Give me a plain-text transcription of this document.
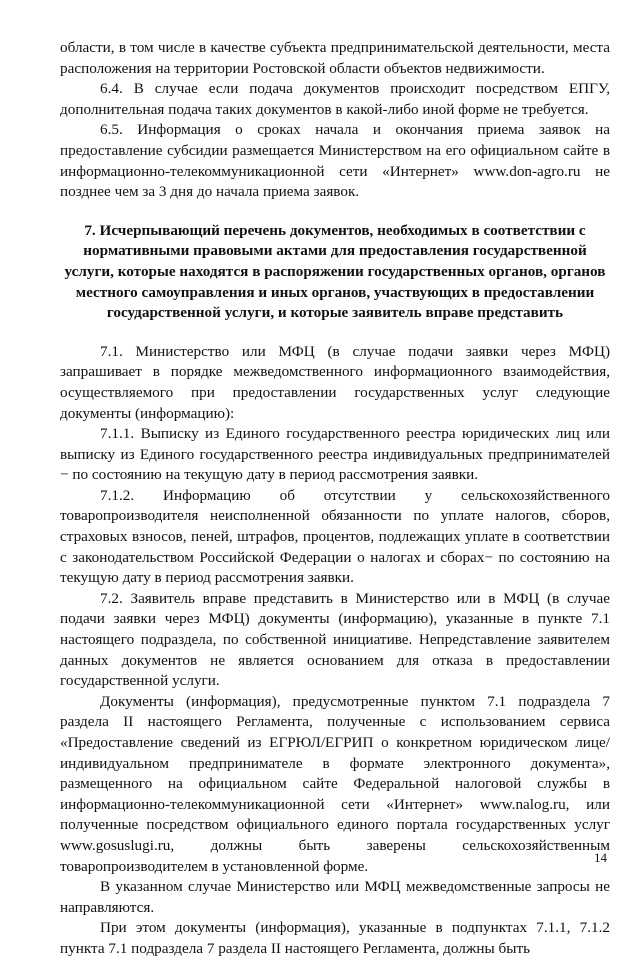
области, в том числе в качестве субъекта предпринимательской деятельности, места расположения на территории Ростовской области объектов недвижимости.

6.4. В случае если подача документов происходит посредством ЕПГУ, дополнительная подача таких документов в какой-либо иной форме не требуется.

6.5. Информация о сроках начала и окончания приема заявок на предоставление субсидии размещается Министерством на его официальном сайте в информационно-телекоммуникационной сети «Интернет» www.don-agro.ru не позднее чем за 3 дня до начала приема заявок.

7. Исчерпывающий перечень документов, необходимых в соответствии с
нормативными правовыми актами для предоставления государственной
услуги, которые находятся в распоряжении государственных органов, органов
местного самоуправления и иных органов, участвующих в предоставлении
государственной услуги, и которые заявитель вправе представить

7.1. Министерство или МФЦ (в случае подачи заявки через МФЦ) запрашивает в порядке межведомственного информационного взаимодействия, осуществляемого при предоставлении государственных услуг следующие документы (информацию):

7.1.1. Выписку из Единого государственного реестра юридических лиц или выписку из Единого государственного реестра индивидуальных предпринимателей − по состоянию на текущую дату в период рассмотрения заявки.

7.1.2. Информацию об отсутствии у сельскохозяйственного товаропроизводителя неисполненной обязанности по уплате налогов, сборов, страховых взносов, пеней, штрафов, процентов, подлежащих уплате в соответствии с законодательством Российской Федерации о налогах и сборах− по состоянию на текущую дату в период рассмотрения заявки.

7.2. Заявитель вправе представить в Министерство или в МФЦ (в случае подачи заявки через МФЦ) документы (информацию), указанные в пункте 7.1 настоящего подраздела, по собственной инициативе. Непредставление заявителем данных документов не является основанием для отказа в предоставлении государственной услуги.

Документы (информация), предусмотренные пунктом 7.1 подраздела 7 раздела II настоящего Регламента, полученные с использованием сервиса «Предоставление сведений из ЕГРЮЛ/ЕГРИП о конкретном юридическом лице/индивидуальном предпринимателе в формате электронного документа», размещенного на официальном сайте Федеральной налоговой службы в информационно-телекоммуникационной сети «Интернет» www.nalog.ru, или полученные посредством официального единого портала государственных услуг www.gosuslugi.ru, должны быть заверены сельскохозяйственным товаропроизводителем в установленной форме.

В указанном случае Министерство или МФЦ межведомственные запросы не направляются.

При этом документы (информация), указанные в подпунктах 7.1.1, 7.1.2 пункта 7.1 подраздела 7 раздела II настоящего Регламента, должны быть

14
